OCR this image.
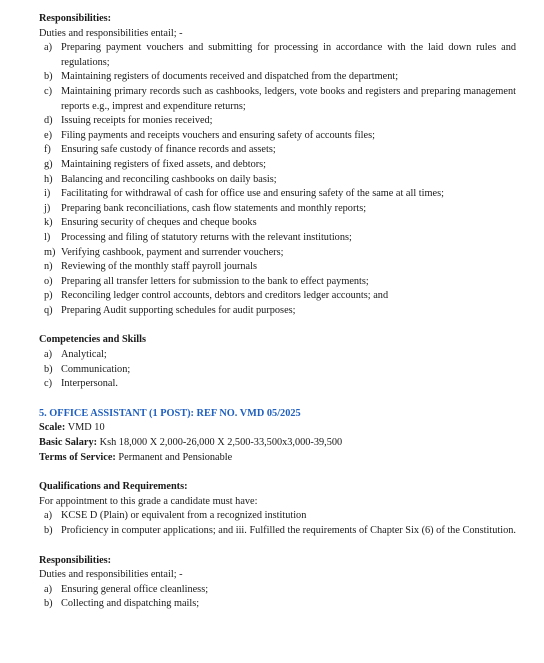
Responsibilities:

Duties and responsibilities entail; -

a) Preparing payment vouchers and submitting for processing in accordance with the laid down rules and regulations;
b) Maintaining registers of documents received and dispatched from the department;
c) Maintaining primary records such as cashbooks, ledgers, vote books and registers and preparing management reports e.g., imprest and expenditure returns;
d) Issuing receipts for monies received;
e) Filing payments and receipts vouchers and ensuring safety of accounts files;
f) Ensuring safe custody of finance records and assets;
g) Maintaining registers of fixed assets, and debtors;
h) Balancing and reconciling cashbooks on daily basis;
i)	Facilitating for withdrawal of cash for office use and ensuring safety of the same at all times;
j)	Preparing bank reconciliations, cash flow statements and monthly reports;
k) Ensuring security of cheques and cheque books
l)	Processing and filing of statutory returns with the relevant institutions;
m) Verifying cashbook, payment and surrender vouchers;
n) Reviewing of the monthly staff payroll journals
o) Preparing all transfer letters for submission to the bank to effect payments;
p) Reconciling ledger control accounts, debtors and creditors ledger accounts; and
q) Preparing Audit supporting schedules for audit purposes;

Competencies and Skills

a) Analytical;
b) Communication;
c) Interpersonal.

5. OFFICE ASSISTANT (1 POST): REF NO. VMD 05/2025

Scale: VMD 10

Basic Salary: Ksh 18,000 X 2,000-26,000 X 2,500-33,500x3,000-39,500

Terms of Service: Permanent and Pensionable

Qualifications and Requirements:

For appointment to this grade a candidate must have:

a) KCSE D (Plain) or equivalent from a recognized institution
b) Proficiency in computer applications; and iii. Fulfilled the requirements of Chapter Six (6) of the Constitution.

Responsibilities:

Duties and responsibilities entail; -

a) Ensuring general office cleanliness;
b) Collecting and dispatching mails;
